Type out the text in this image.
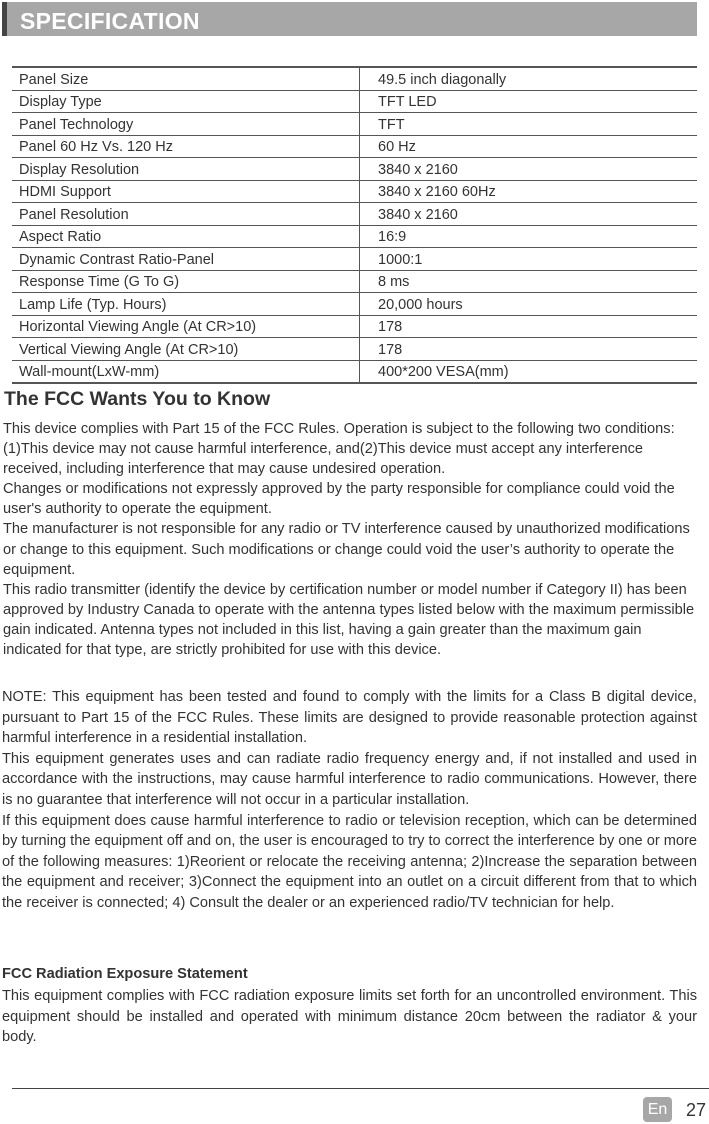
SPECIFICATION
Panel Size	49.5 inch diagonally
Display Type	TFT LED
Panel Technology	TFT
Panel 60 Hz Vs. 120 Hz	60 Hz
Display Resolution	3840 x 2160
HDMI Support	3840 x 2160 60Hz
Panel Resolution	3840 x 2160
Aspect Ratio	16:9
Dynamic Contrast Ratio-Panel	1000:1
Response Time (G To G)	8 ms
Lamp Life (Typ. Hours)	20,000 hours
Horizontal Viewing Angle (At CR>10)	178
Vertical Viewing Angle (At CR>10)	178
Wall-mount(LxW-mm)	400*200 VESA(mm)
The FCC Wants You to Know

This device complies with Part 15 of the FCC Rules. Operation is subject to the following two conditions: (1)This device may not cause harmful interference, and(2)This device must accept any interference received, including interference that may cause undesired operation.

Changes or modifications not expressly approved by the party responsible for compliance could void the user's authority to operate the equipment.

The manufacturer is not responsible for any radio or TV interference caused by unauthorized modifications or change to this equipment. Such modifications or change could void the user’s authority to operate the equipment.

This radio transmitter (identify the device by certification number or model number if Category II) has been approved by Industry Canada to operate with the antenna types listed below with the maximum permissible gain indicated. Antenna types not included in this list, having a gain greater than the maximum gain indicated for that type, are strictly prohibited for use with this device.

NOTE: This equipment has been tested and found to comply with the limits for a Class B digital device, pursuant to Part 15 of the FCC Rules. These limits are designed to provide reasonable protection against harmful interference in a residential installation.

This equipment generates uses and can radiate radio frequency energy and, if not installed and used in accordance with the instructions, may cause harmful interference to radio communications. However, there is no guarantee that interference will not occur in a particular installation.

If this equipment does cause harmful interference to radio or television reception, which can be determined by turning the equipment off and on, the user is encouraged to try to correct the interference by one or more of the following measures: 1)Reorient or relocate the receiving antenna; 2)Increase the separation between the equipment and receiver; 3)Connect the equipment into an outlet on a circuit different from that to which the receiver is connected; 4) Consult the dealer or an experienced radio/TV technician for help.

FCC Radiation Exposure Statement

This equipment complies with FCC radiation exposure limits set forth for an uncontrolled environment. This equipment should be installed and operated with minimum distance 20cm between the radiator & your body.

En 27
